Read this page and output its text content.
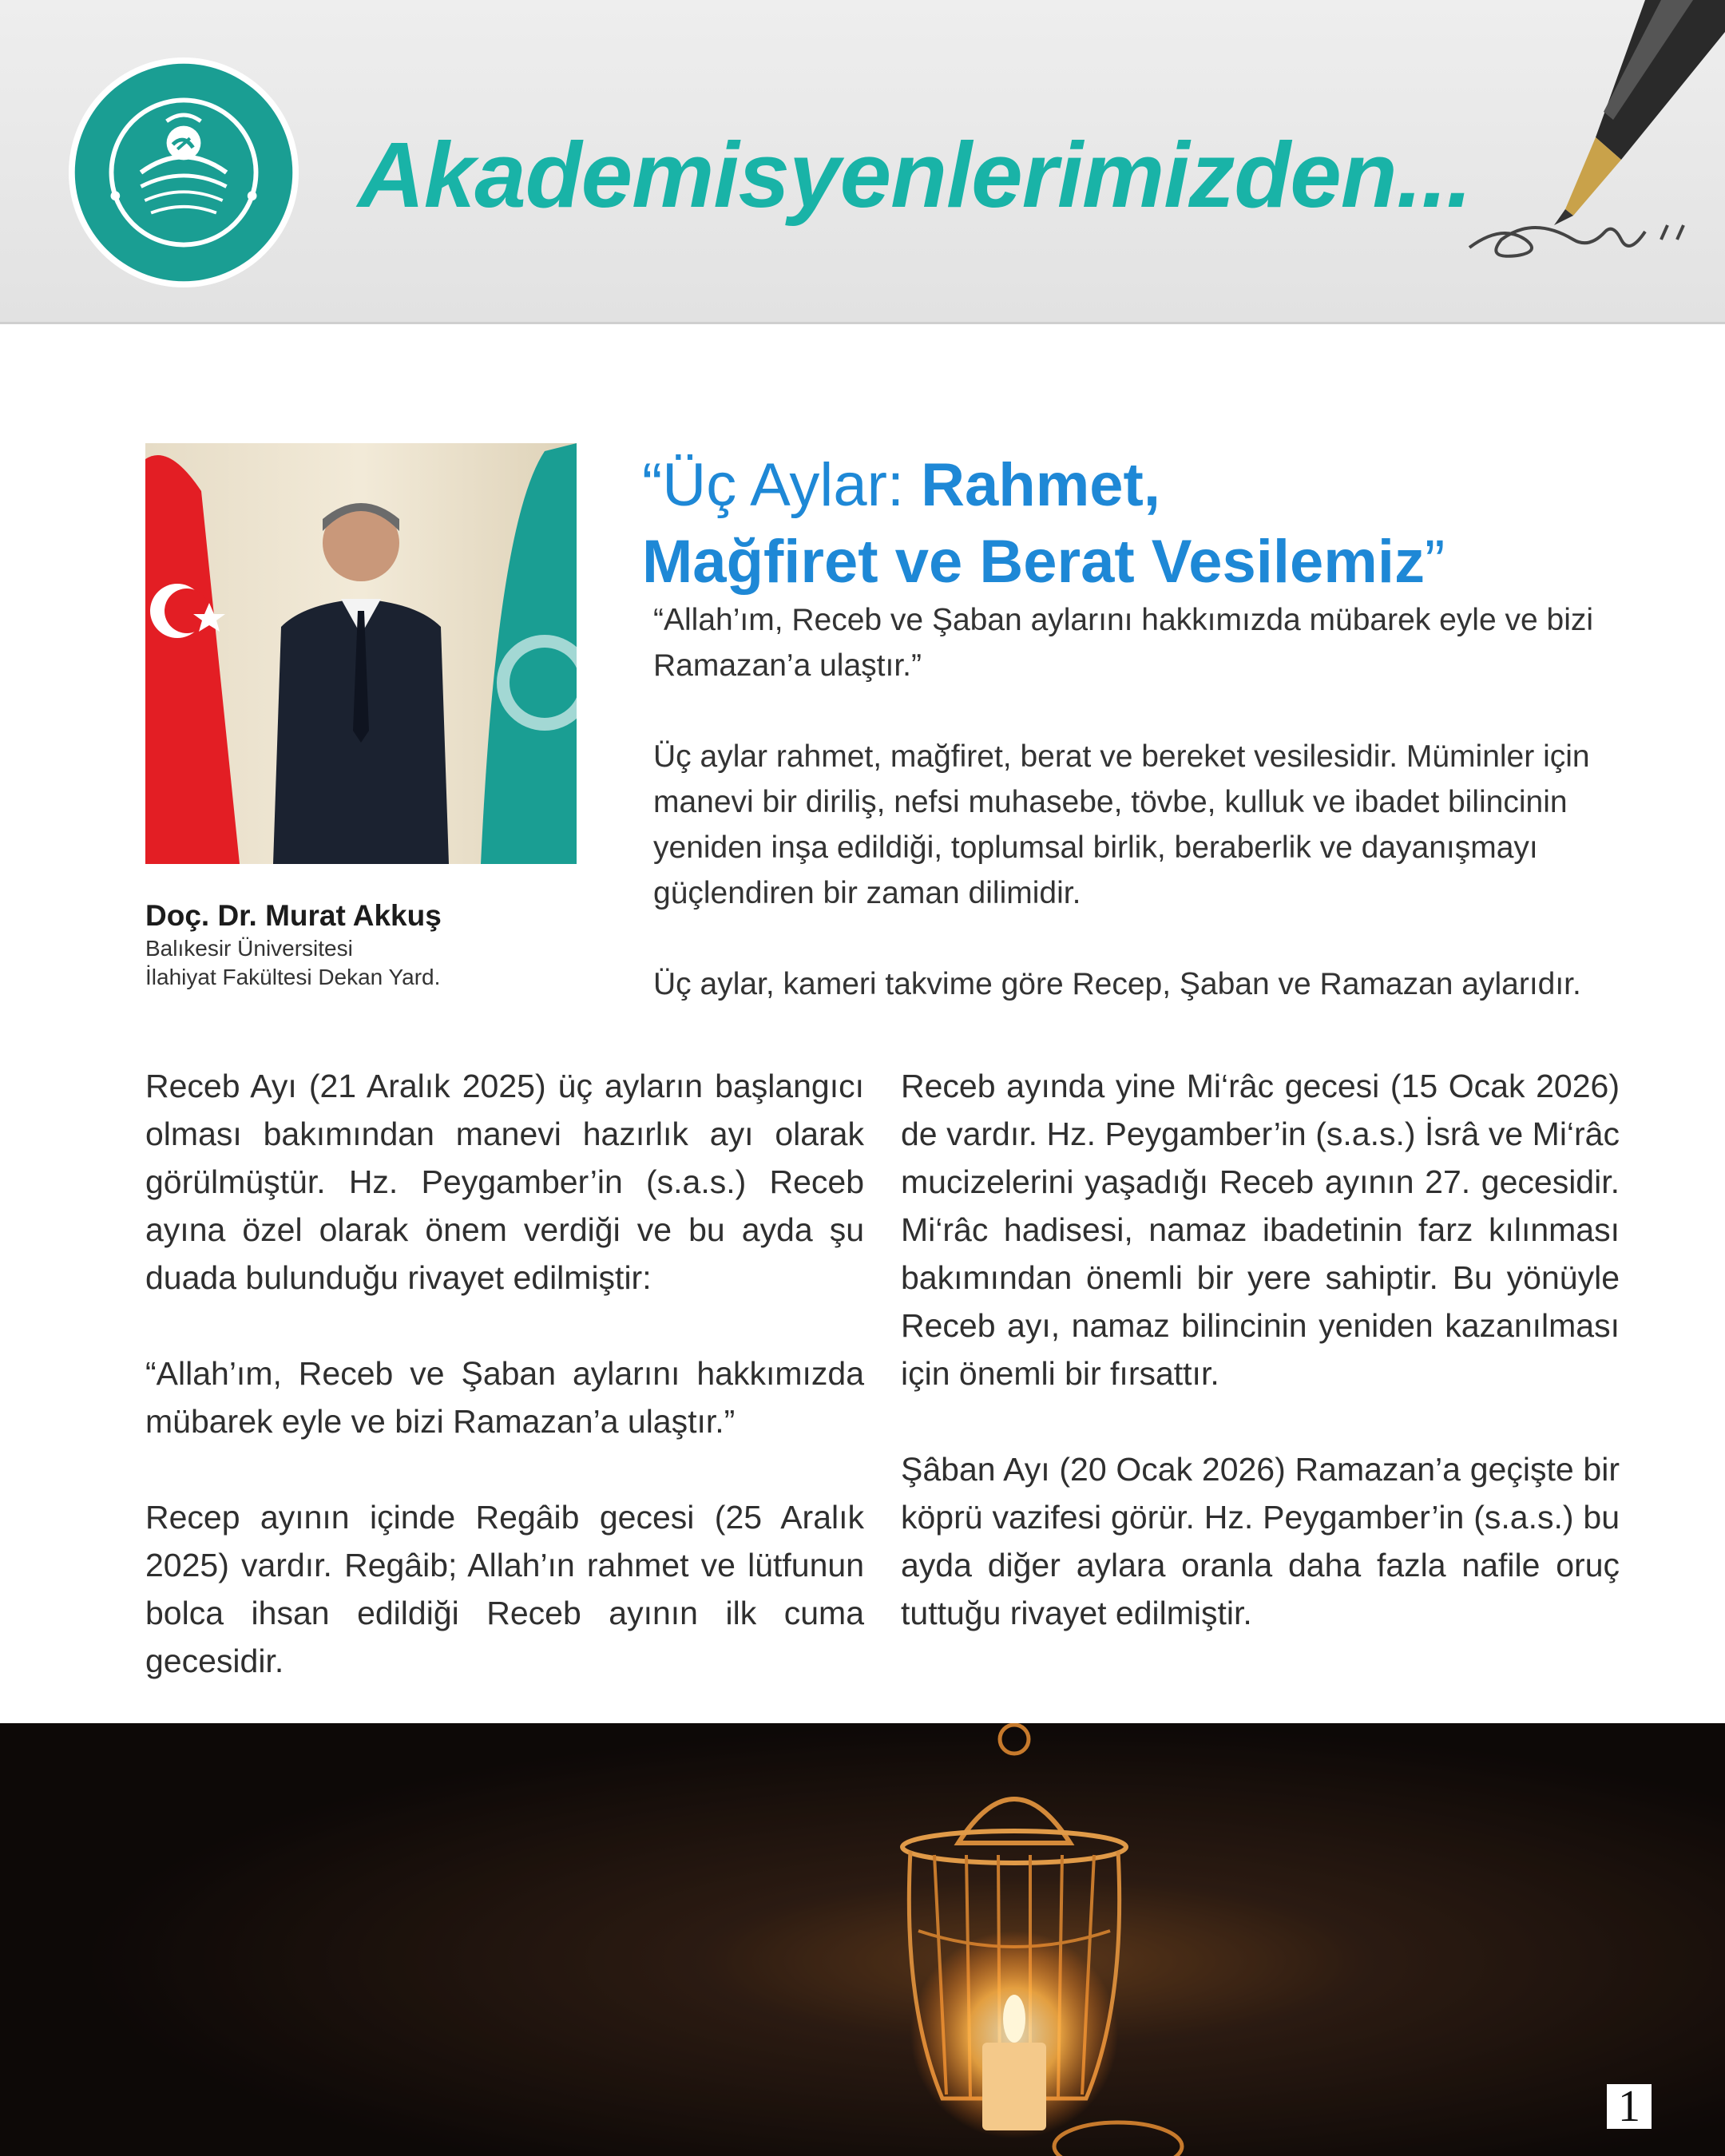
Akademisyenlerimizden...

Doç. Dr. Murat Akkuş

Balıkesir Üniversitesi

İlahiyat Fakültesi Dekan Yard.

“Üç Aylar: Rahmet,
Mağfiret ve Berat Vesilemiz”

“Allah’ım, Receb ve Şaban aylarını hakkımızda mübarek eyle ve bizi Ramazan’a ulaştır.”

Üç aylar rahmet, mağfiret, berat ve bereket vesilesidir. Müminler için manevi bir diriliş, nefsi muhasebe, tövbe, kulluk ve ibadet bilincinin yeniden inşa edildiği, toplumsal birlik, beraberlik ve dayanışmayı güçlendiren bir zaman dilimidir.

Üç aylar, kameri takvime göre Recep, Şaban ve Ramazan aylarıdır.

Receb Ayı (21 Aralık 2025) üç ayların başlangıcı olması bakımından manevi hazırlık ayı olarak görülmüştür. Hz. Peygamber’in (s.a.s.) Receb ayına özel olarak önem verdiği ve bu ayda şu duada bulunduğu rivayet edilmiştir:

“Allah’ım, Receb ve Şaban aylarını hakkımızda mübarek eyle ve bizi Ramazan’a ulaştır.”

Recep ayının içinde Regâib gecesi (25 Aralık 2025) vardır. Regâib; Allah’ın rahmet ve lütfunun bolca ihsan edildiği Receb ayının ilk cuma gecesidir.

Receb ayında yine Mi‘râc gecesi (15 Ocak 2026) de vardır. Hz. Peygamber’in (s.a.s.) İsrâ ve Mi‘râc mucizelerini yaşadığı Receb ayının 27. gecesidir. Mi‘râc hadisesi, namaz ibadetinin farz kılınması bakımından önemli bir yere sahiptir. Bu yönüyle Receb ayı, namaz bilincinin yeniden kazanılması için önemli bir fırsattır.

Şâban Ayı (20 Ocak 2026) Ramazan’a geçişte bir köprü vazifesi görür. Hz. Peygamber’in (s.a.s.) bu ayda diğer aylara oranla daha fazla nafile oruç tuttuğu rivayet edilmiştir.

1
